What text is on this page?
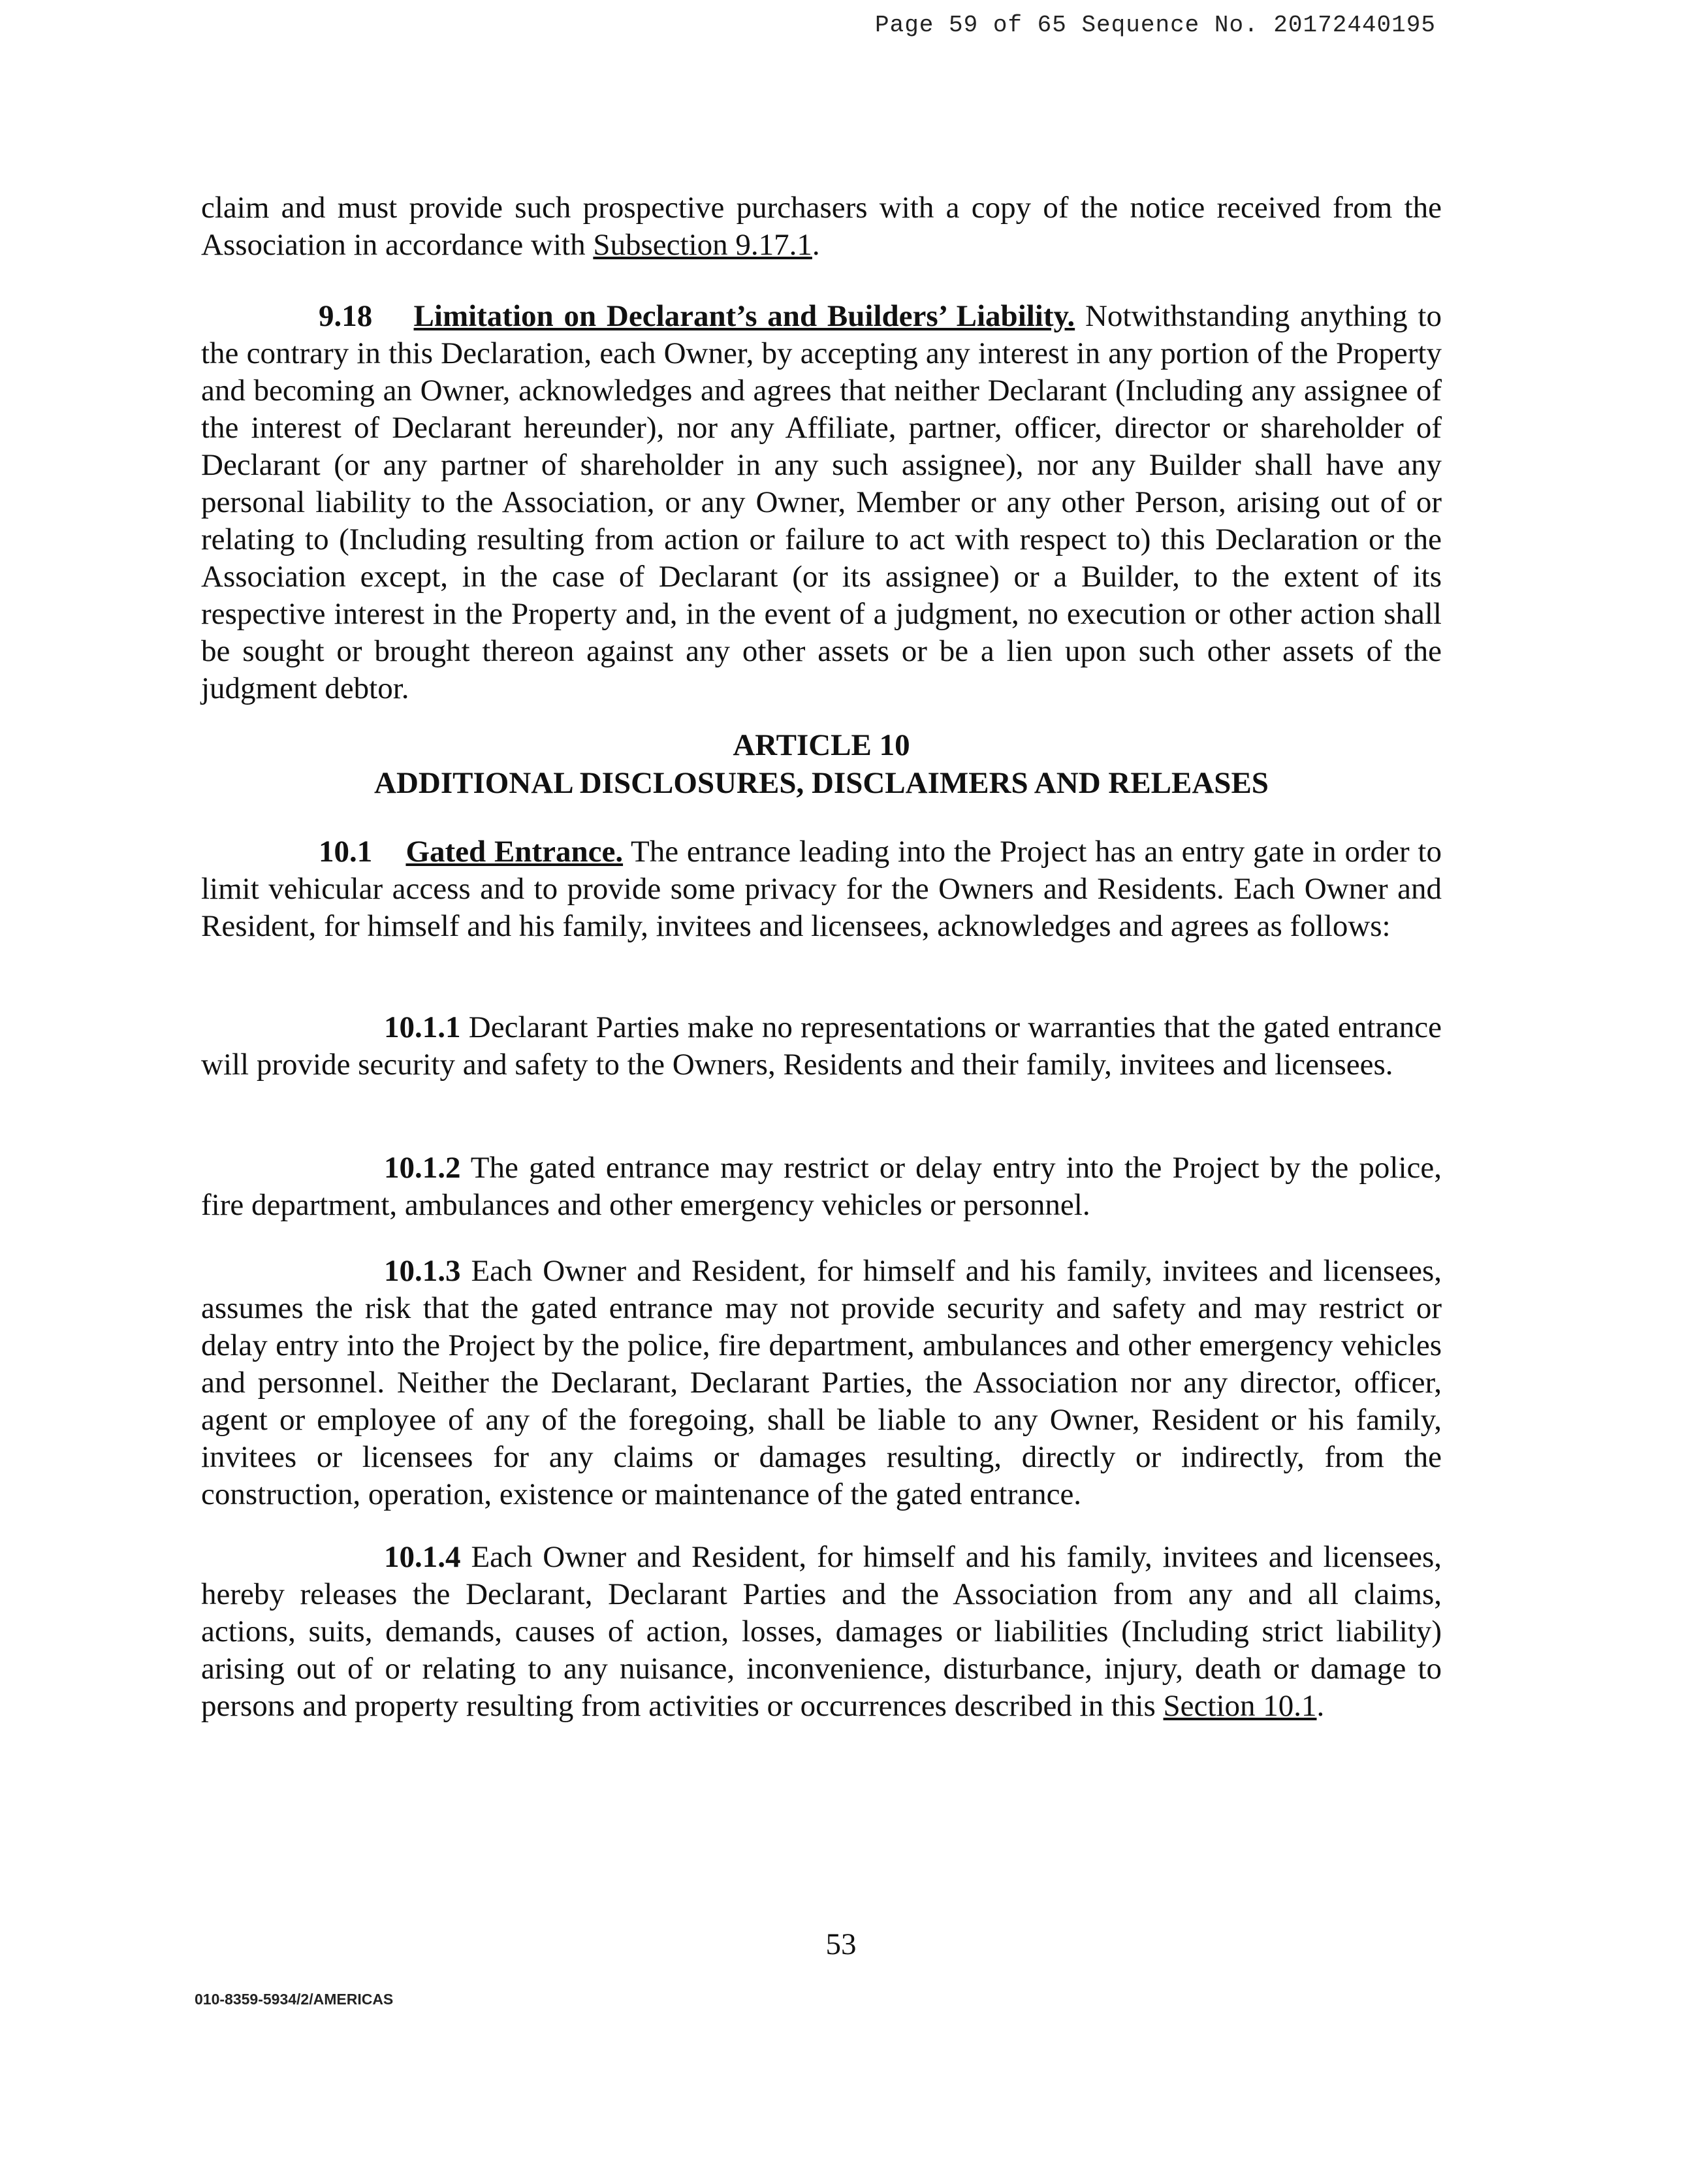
Page 59 of 65 Sequence No. 20172440195

claim and must provide such prospective purchasers with a copy of the notice received from the Association in accordance with Subsection 9.17.1.

9.18 Limitation on Declarant’s and Builders’ Liability. Notwithstanding anything to the contrary in this Declaration, each Owner, by accepting any interest in any portion of the Property and becoming an Owner, acknowledges and agrees that neither Declarant (Including any assignee of the interest of Declarant hereunder), nor any Affiliate, partner, officer, director or shareholder of Declarant (or any partner of shareholder in any such assignee), nor any Builder shall have any personal liability to the Association, or any Owner, Member or any other Person, arising out of or relating to (Including resulting from action or failure to act with respect to) this Declaration or the Association except, in the case of Declarant (or its assignee) or a Builder, to the extent of its respective interest in the Property and, in the event of a judgment, no execution or other action shall be sought or brought thereon against any other assets or be a lien upon such other assets of the judgment debtor.

ARTICLE 10
ADDITIONAL DISCLOSURES, DISCLAIMERS AND RELEASES

10.1 Gated Entrance. The entrance leading into the Project has an entry gate in order to limit vehicular access and to provide some privacy for the Owners and Residents. Each Owner and Resident, for himself and his family, invitees and licensees, acknowledges and agrees as follows:

10.1.1 Declarant Parties make no representations or warranties that the gated entrance will provide security and safety to the Owners, Residents and their family, invitees and licensees.

10.1.2 The gated entrance may restrict or delay entry into the Project by the police, fire department, ambulances and other emergency vehicles or personnel.

10.1.3 Each Owner and Resident, for himself and his family, invitees and licensees, assumes the risk that the gated entrance may not provide security and safety and may restrict or delay entry into the Project by the police, fire department, ambulances and other emergency vehicles and personnel. Neither the Declarant, Declarant Parties, the Association nor any director, officer, agent or employee of any of the foregoing, shall be liable to any Owner, Resident or his family, invitees or licensees for any claims or damages resulting, directly or indirectly, from the construction, operation, existence or maintenance of the gated entrance.

10.1.4 Each Owner and Resident, for himself and his family, invitees and licensees, hereby releases the Declarant, Declarant Parties and the Association from any and all claims, actions, suits, demands, causes of action, losses, damages or liabilities (Including strict liability) arising out of or relating to any nuisance, inconvenience, disturbance, injury, death or damage to persons and property resulting from activities or occurrences described in this Section 10.1.

53
010-8359-5934/2/AMERICAS
